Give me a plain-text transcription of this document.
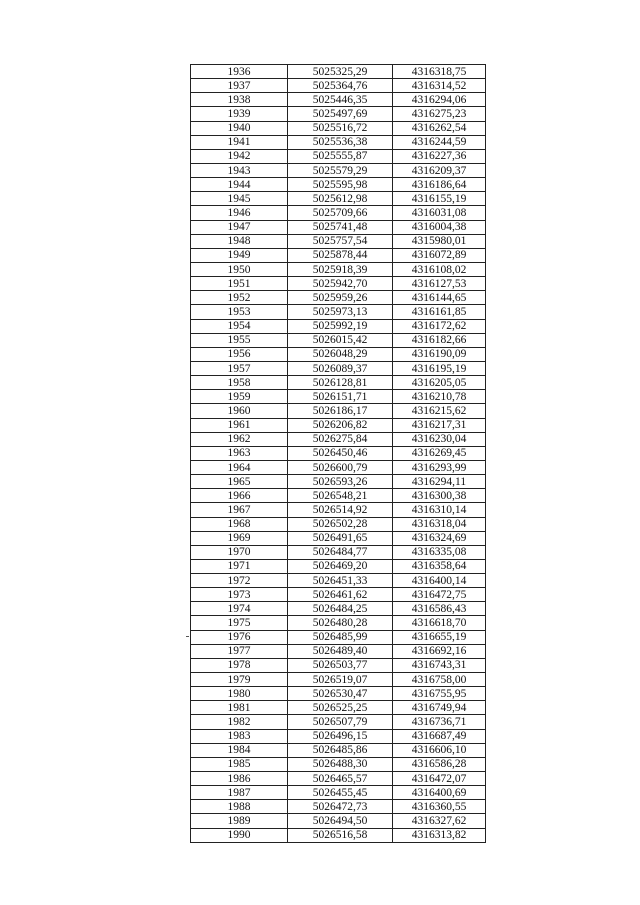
1936	5025325,29	4316318,75
1937	5025364,76	4316314,52
1938	5025446,35	4316294,06
1939	5025497,69	4316275,23
1940	5025516,72	4316262,54
1941	5025536,38	4316244,59
1942	5025555,87	4316227,36
1943	5025579,29	4316209,37
1944	5025595,98	4316186,64
1945	5025612,98	4316155,19
1946	5025709,66	4316031,08
1947	5025741,48	4316004,38
1948	5025757,54	4315980,01
1949	5025878,44	4316072,89
1950	5025918,39	4316108,02
1951	5025942,70	4316127,53
1952	5025959,26	4316144,65
1953	5025973,13	4316161,85
1954	5025992,19	4316172,62
1955	5026015,42	4316182,66
1956	5026048,29	4316190,09
1957	5026089,37	4316195,19
1958	5026128,81	4316205,05
1959	5026151,71	4316210,78
1960	5026186,17	4316215,62
1961	5026206,82	4316217,31
1962	5026275,84	4316230,04
1963	5026450,46	4316269,45
1964	5026600,79	4316293,99
1965	5026593,26	4316294,11
1966	5026548,21	4316300,38
1967	5026514,92	4316310,14
1968	5026502,28	4316318,04
1969	5026491,65	4316324,69
1970	5026484,77	4316335,08
1971	5026469,20	4316358,64
1972	5026451,33	4316400,14
1973	5026461,62	4316472,75
1974	5026484,25	4316586,43
1975	5026480,28	4316618,70
1976	5026485,99	4316655,19
1977	5026489,40	4316692,16
1978	5026503,77	4316743,31
1979	5026519,07	4316758,00
1980	5026530,47	4316755,95
1981	5026525,25	4316749,94
1982	5026507,79	4316736,71
1983	5026496,15	4316687,49
1984	5026485,86	4316606,10
1985	5026488,30	4316586,28
1986	5026465,57	4316472,07
1987	5026455,45	4316400,69
1988	5026472,73	4316360,55
1989	5026494,50	4316327,62
1990	5026516,58	4316313,82
